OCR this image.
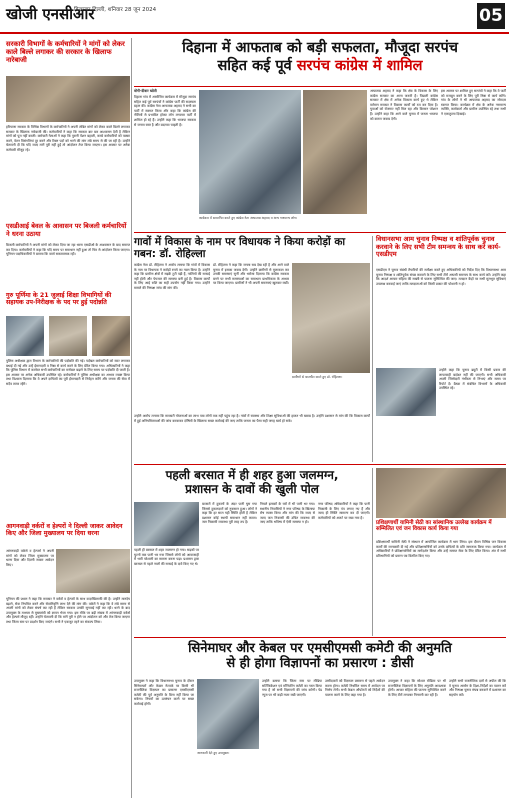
खोजी एनसीआर
गिरफ्तार दिल्ली, शनिवार 28 जून 2024	05
दिहाना में आफताब को बड़ी सफलता, मौजूदा सरपंच
सहित कई पूर्व सरपंच कांग्रेस में शामिल
सरकारी विभागों के कर्मचारियों ने मांगों को लेकर काले बिल्ले लगाकर की सरकार के खिलाफ नारेबाजी
हरियाणा सरकार के विभिन्न विभागों के कर्मचारियों ने अपनी लंबित मांगों को लेकर काले बिल्ले लगाकर सरकार के खिलाफ नारेबाजी की। कर्मचारियों ने कहा कि सरकार बार बार आश्वासन देती है लेकिन मांगों को पूरा नहीं करती। कर्मचारी नेताओं ने कहा कि पुरानी पेंशन बहाली, कच्चे कर्मचारियों को पक्का करने, वेतन विसंगतियां दूर करने और रिक्त पदों को भरने की मांग लंबे समय से की जा रही है। उन्होंने चेतावनी दी कि यदि जल्द मांगें पूरी नहीं हुईं तो आंदोलन तेज किया जाएगा। इस अवसर पर अनेक कर्मचारी मौजूद रहे।
एसडीआई बेवल के आवासन पर बिजली कर्मचारियों ने धरना उठाया
बिजली कर्मचारियों ने अपनी मांगों को लेकर दिया जा रहा धरना एसडीओ के आश्वासन के बाद समाप्त कर दिया। कर्मचारियों ने कहा कि यदि समय पर समाधान नहीं हुआ तो फिर से आंदोलन किया जाएगा। यूनियन पदाधिकारियों ने बताया कि वार्ता सकारात्मक रही।
गुरु पूर्णिमा के 21 जुलाई शिक्षा विभागियों की सहायक उप-निरीक्षक के पद पर हुई पदोन्नति
पुलिस अधीक्षक द्वारा विभाग के कर्मचारियों की पदोन्नति की गई। पदोन्नत कर्मचारियों को स्टार लगाकर बधाई दी गई और उन्हें ईमानदारी व निष्ठा से कार्य करने के लिए प्रेरित किया गया। अधिकारियों ने कहा कि पुलिस विभाग में कार्यरत सभी कर्मचारियों का मनोबल बढ़ाने के लिए समय पर पदोन्नति दी जाती है। इस अवसर पर अनेक अधिकारी उपस्थित रहे। कर्मचारियों ने पुलिस अधीक्षक का आभार व्यक्त किया तथा विश्वास दिलाया कि वे अपने दायित्वों का पूरी ईमानदारी से निर्वहन करेंगे और जनता की सेवा में सदैव तत्पर रहेंगे।
आगनवाड़ी वर्करों व हेल्परों ने दिल्ली जाकर आवेदन किए और जिला मुख्यालय पर दिया धरना
आंगनवाड़ी वर्कर्स व हेल्पर्स ने अपनी मांगों को लेकर जिला मुख्यालय पर धरना दिया और दिल्ली जाकर आवेदन किए।
यूनियन की प्रधान ने कहा कि सरकार ने वर्करों व हेल्परों के साथ वादाखिलाफी की है। उन्होंने मानदेय बढ़ाने, सेवा नियमित करने और सेवानिवृत्ति लाभ देने की मांग की। वर्करों ने कहा कि वे लंबे समय से अपनी मांगों को लेकर संघर्ष कर रही हैं लेकिन सरकार उनकी सुनवाई नहीं कर रही। धरने के बाद उपायुक्त के माध्यम से मुख्यमंत्री को ज्ञापन भेजा गया। इस मौके पर बड़ी संख्या में आंगनवाड़ी वर्कर्स और हेल्पर्स मौजूद रहीं। उन्होंने चेतावनी दी कि मांगें पूरी न होने पर आंदोलन को और तेज किया जाएगा तथा जिला स्तर पर प्रदर्शन किए जाएंगे। सभी ने एकजुट रहने का संकल्प लिया।
वोगी-दीवार खोती
दिहाना गांव में आयोजित कार्यक्रम में मौजूदा सरपंच सहित कई पूर्व सरपंचों ने कांग्रेस पार्टी की सदस्यता ग्रहण की। कांग्रेस नेता आफताब अहमद ने सभी का पार्टी में स्वागत किया और कहा कि कांग्रेस की नीतियों से प्रभावित होकर लोग लगातार पार्टी में शामिल हो रहे हैं। उन्होंने कहा कि भाजपा सरकार से जनता त्रस्त है और बदलाव चाहती है।
कार्यक्रम में सम्मानित करते हुए कांग्रेस नेता आफताब अहमद व अन्य गणमान्य लोग।
आफताब अहमद ने कहा कि क्षेत्र के विकास के लिए कांग्रेस सरकार का आना जरूरी है। पिछली कांग्रेस सरकार में क्षेत्र में अनेक विकास कार्य हुए थे लेकिन वर्तमान सरकार ने विकास कार्यों को ठप कर दिया है। युवाओं को रोजगार नहीं मिल रहा और किसान परेशान हैं। उन्होंने कहा कि आने वाले चुनाव में जनता भाजपा को करारा जवाब देगी।
इस अवसर पर शामिल हुए सरपंचों ने कहा कि वे पार्टी को मजबूत करने के लिए पूरी निष्ठा से कार्य करेंगे। गांव के लोगों ने भी आफताब अहमद का जोरदार स्वागत किया। कार्यक्रम में क्षेत्र के अनेक गणमान्य व्यक्ति, कार्यकर्ता और ग्रामीण उपस्थित रहे तथा सभी ने एकजुटता दिखाई।
गावों में विकास के नाम पर विधायक ने किया करोड़ों का गबन: डॉ. रोहिल्ला
कांग्रेस नेता डॉ. रोहिल्ला ने आरोप लगाया कि गांवों में विकास के नाम पर विधायक ने करोड़ों रुपये का गबन किया है। उन्होंने कहा कि ग्रामीण क्षेत्रों में सड़कें टूटी पड़ी हैं, नालियों की सफाई नहीं होती और पेयजल की समस्या बनी हुई है। विकास कार्यों के लिए आई राशि का सही उपयोग नहीं किया गया। उन्होंने मामले की निष्पक्ष जांच की मांग की।
डॉ. रोहिल्ला ने कहा कि जनता सब देख रही है और आने वाले चुनाव में इसका जवाब देगी। उन्होंने ग्रामीणों से मुलाकात कर उनकी समस्याएं सुनीं और भरोसा दिलाया कि कांग्रेस सरकार बनने पर सभी समस्याओं का समाधान प्राथमिकता के आधार पर किया जाएगा। ग्रामीणों ने भी अपनी समस्याएं खुलकर रखीं।
ग्रामीणों से बातचीत करते हुए डॉ. रोहिल्ला।
विधानसभा आम चुनाव निष्पक्ष व शांतिपूर्वक चुनाव करवाने के लिए सभी टीम समन्वय के साथ करें कार्य-एसडीएम
एसडीएम ने चुनाव संबंधी तैयारियों की समीक्षा करते हुए अधिकारियों को निर्देश दिए कि विधानसभा आम चुनाव निष्पक्ष व शांतिपूर्वक संपन्न करवाने के लिए सभी टीमें आपसी समन्वय के साथ कार्य करें। उन्होंने कहा कि आदर्श आचार संहिता की सख्ती से पालना सुनिश्चित की जाए। मतदान केंद्रों पर सभी मूलभूत सुविधाएं उपलब्ध करवाई जाएं ताकि मतदाताओं को किसी प्रकार की परेशानी न हो।
उन्होंने कहा कि चुनाव ड्यूटी में किसी प्रकार की लापरवाही बर्दाश्त नहीं की जाएगी। सभी अधिकारी अपनी जिम्मेदारी गंभीरता से निभाएं और समय पर रिपोर्ट दें। बैठक में संबंधित विभागों के अधिकारी उपस्थित रहे।
उन्होंने आरोप लगाया कि सरकारी योजनाओं का लाभ पात्र लोगों तक नहीं पहुंच रहा है। गांवों में स्वास्थ्य और शिक्षा सुविधाओं की हालत भी खराब है। उन्होंने प्रशासन से मांग की कि विकास कार्यों में हुई अनियमितताओं की जांच करवाकर दोषियों के खिलाफ सख्त कार्रवाई की जाए ताकि जनता का पैसा सही जगह खर्च हो सके।
पहली बरसात में ही शहर हुआ जलमग्न,
प्रशासन के दावों की खुली पोल
पहली ही बरसात में शहर जलमग्न हो गया। सड़कों पर घुटनों तक पानी भर गया जिससे लोगों को आवाजाही में भारी परेशानी का सामना करना पड़ा। प्रशासन द्वारा बरसात से पहले नालों की सफाई के दावे किए गए थे।
बाजारों में दुकानों के अंदर पानी घुस गया जिससे दुकानदारों को नुकसान हुआ। लोगों ने कहा कि हर साल यही स्थिति होती है लेकिन प्रशासन कोई स्थायी समाधान नहीं करता। जल निकासी व्यवस्था पूरी तरह ठप है।
निचले इलाकों के घरों में भी पानी भर गया। स्थानीय निवासियों ने नगर परिषद के खिलाफ रोष व्यक्त किया और मांग की कि जल्द से जल्द जल निकासी की उचित व्यवस्था की जाए ताकि भविष्य में ऐसी समस्या न हो।
नगर परिषद अधिकारियों ने कहा कि पानी निकासी के लिए पंप लगाए गए हैं और जल्द ही स्थिति सामान्य कर दी जाएगी। कर्मचारियों को अलर्ट पर रखा गया है।
प्रशिक्षणार्थी यामिनी सेठी का सांस्थानिक उल्लेख कार्यक्रम में सम्मिलित एवं जन विकास कार्य किया गया
प्रशिक्षणार्थी यामिनी सेठी ने संस्थान में आयोजित कार्यक्रम में भाग लिया। इस दौरान विभिन्न जन विकास कार्यों की जानकारी दी गई और प्रशिक्षणार्थियों को उनके दायित्वों के प्रति जागरूक किया गया। कार्यक्रम में अधिकारियों ने प्रशिक्षणार्थियों का मार्गदर्शन किया और उन्हें समाज सेवा के लिए प्रेरित किया। अंत में सभी प्रतिभागियों को प्रमाण पत्र वितरित किए गए।
सिनेमाघर और केबल पर एमसीएमसी कमेटी की अनुमति
से ही होगा विज्ञापनों का प्रसारण : डीसी
उपायुक्त ने कहा कि विधानसभा चुनाव के दौरान सिनेमाघरों और केबल नेटवर्क पर किसी भी राजनीतिक विज्ञापन का प्रसारण एमसीएमसी कमेटी की पूर्व अनुमति के बिना नहीं किया जा सकेगा। नियमों का उल्लंघन करने पर सख्त कार्रवाई होगी।
जानकारी देते हुए उपायुक्त।
उन्होंने बताया कि जिला स्तर पर मीडिया सर्टिफिकेशन एवं मॉनिटरिंग कमेटी का गठन किया गया है जो सभी विज्ञापनों की जांच करेगी। पेड न्यूज पर भी कड़ी नजर रखी जाएगी।
उम्मीदवारों को विज्ञापन प्रसारण से पहले आवेदन करना होगा। कमेटी निर्धारित समय में आवेदन पर निर्णय लेगी। सभी केबल ऑपरेटरों को निर्देशों की पालना करने के लिए कहा गया है।
उपायुक्त ने कहा कि सोशल मीडिया पर भी राजनीतिक विज्ञापनों के लिए अनुमति आवश्यक होगी। आचार संहिता की पालना सुनिश्चित करने के लिए टीमें लगातार निगरानी कर रही हैं।
उन्होंने सभी राजनीतिक दलों से अपील की कि वे चुनाव आयोग के दिशा-निर्देशों का पालन करें और निष्पक्ष चुनाव संपन्न करवाने में प्रशासन का सहयोग करें।
